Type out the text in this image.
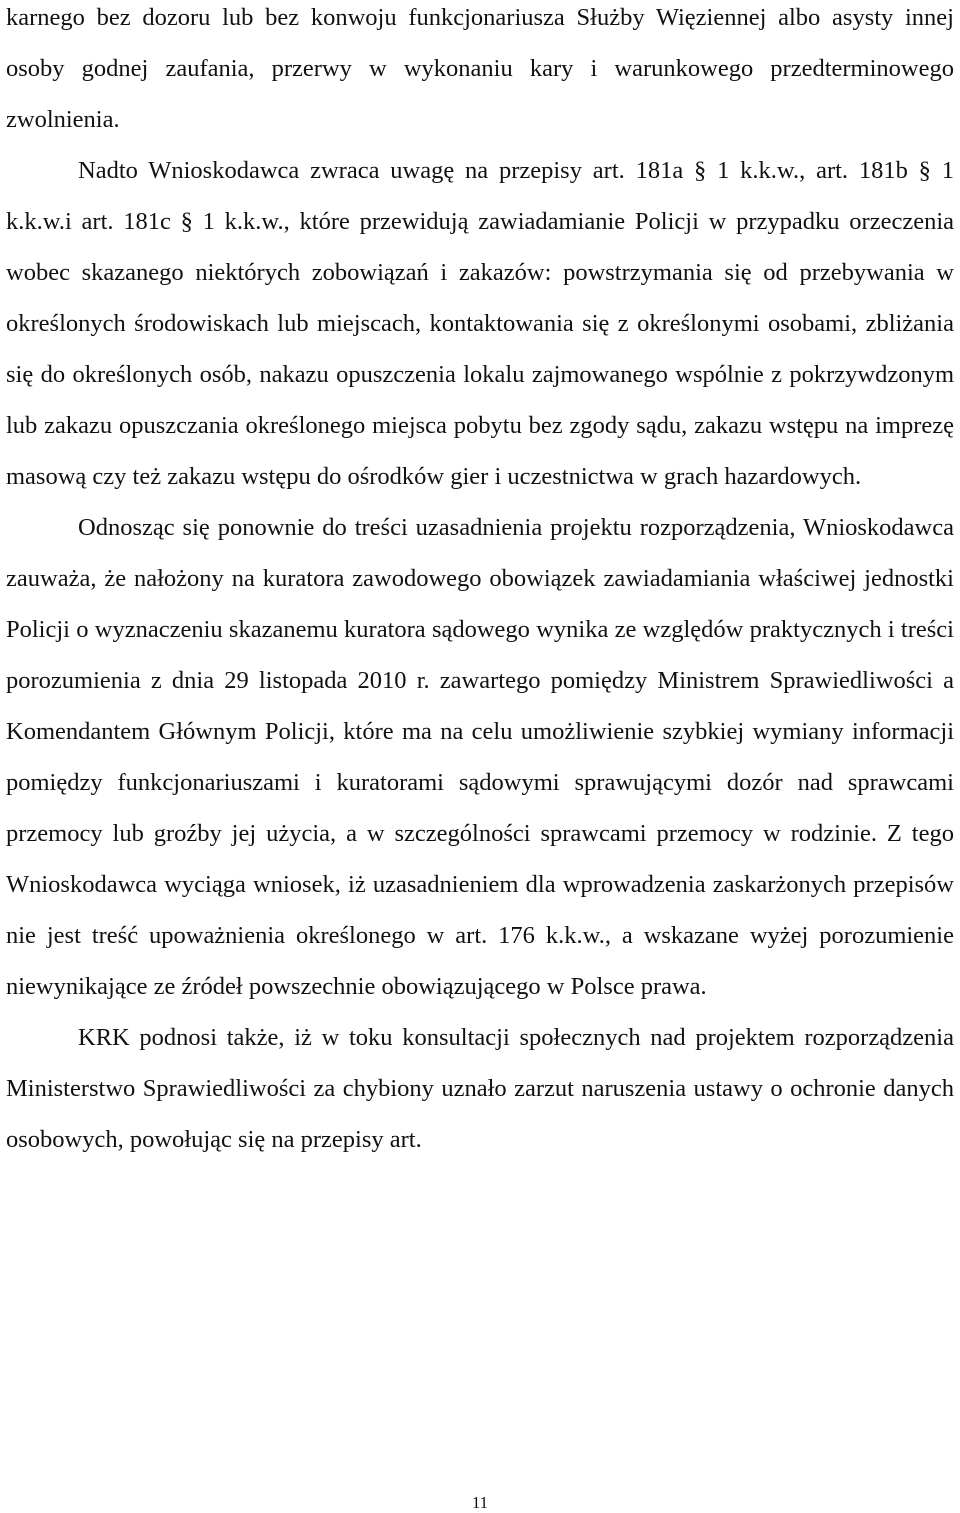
karnego bez dozoru lub bez konwoju funkcjonariusza Służby Więziennej albo asysty innej osoby godnej zaufania, przerwy w wykonaniu kary i warunkowego przedterminowego zwolnienia.

Nadto Wnioskodawca zwraca uwagę na przepisy art. 181a § 1 k.k.w., art. 181b § 1 k.k.w.i art. 181c § 1 k.k.w., które przewidują zawiadamianie Policji w przypadku orzeczenia wobec skazanego niektórych zobowiązań i zakazów: powstrzymania się od przebywania w określonych środowiskach lub miejscach, kontaktowania się z określonymi osobami, zbliżania się do określonych osób, nakazu opuszczenia lokalu zajmowanego wspólnie z pokrzywdzonym lub zakazu opuszczania określonego miejsca pobytu bez zgody sądu, zakazu wstępu na imprezę masową czy też zakazu wstępu do ośrodków gier i uczestnictwa w grach hazardowych.

Odnosząc się ponownie do treści uzasadnienia projektu rozporządzenia, Wnioskodawca zauważa, że nałożony na kuratora zawodowego obowiązek zawiadamiania właściwej jednostki Policji o wyznaczeniu skazanemu kuratora sądowego wynika ze względów praktycznych i treści porozumienia z dnia 29 listopada 2010 r. zawartego pomiędzy Ministrem Sprawiedliwości a Komendantem Głównym Policji, które ma na celu umożliwienie szybkiej wymiany informacji pomiędzy funkcjonariuszami i kuratorami sądowymi sprawującymi dozór nad sprawcami przemocy lub groźby jej użycia, a w szczególności sprawcami przemocy w rodzinie. Z tego Wnioskodawca wyciąga wniosek, iż uzasadnieniem dla wprowadzenia zaskarżonych przepisów nie jest treść upoważnienia określonego w art. 176 k.k.w., a wskazane wyżej porozumienie niewynikające ze źródeł powszechnie obowiązującego w Polsce prawa.

KRK podnosi także, iż w toku konsultacji społecznych nad projektem rozporządzenia Ministerstwo Sprawiedliwości za chybiony uznało zarzut naruszenia ustawy o ochronie danych osobowych, powołując się na przepisy art.

11
